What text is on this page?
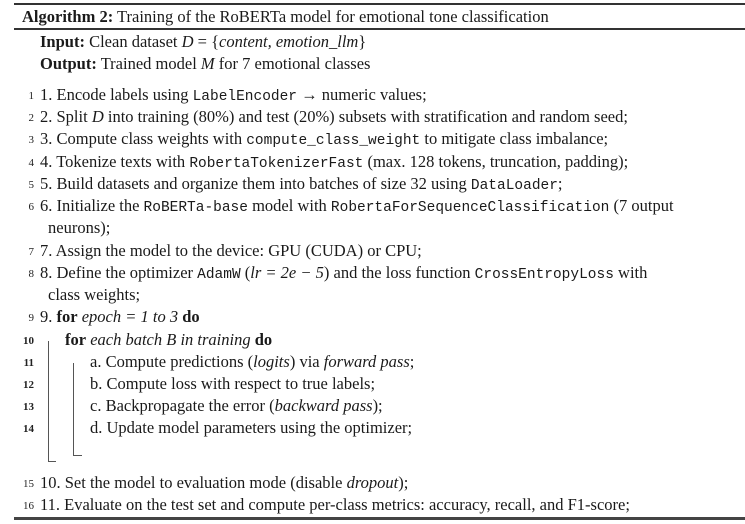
Algorithm 2: Training of the RoBERTa model for emotional tone classification
Input: Clean dataset D = {content, emotion_llm}
Output: Trained model M for 7 emotional classes
1 1. Encode labels using LabelEncoder → numeric values;
2 2. Split D into training (80%) and test (20%) subsets with stratification and random seed;
3 3. Compute class weights with compute_class_weight to mitigate class imbalance;
4 4. Tokenize texts with RobertaTokenizerFast (max. 128 tokens, truncation, padding);
5 5. Build datasets and organize them into batches of size 32 using DataLoader;
6 6. Initialize the RoBERTa-base model with RobertaForSequenceClassification (7 output
neurons);
7 7. Assign the model to the device: GPU (CUDA) or CPU;
8 8. Define the optimizer AdamW (lr = 2e − 5) and the loss function CrossEntropyLoss with
class weights;
9 9. for epoch = 1 to 3 do
10 for each batch B in training do
11	a. Compute predictions (logits) via forward pass;
12	b. Compute loss with respect to true labels;
13	c. Backpropagate the error (backward pass);
14	d. Update model parameters using the optimizer;
15 10. Set the model to evaluation mode (disable dropout);
16 11. Evaluate on the test set and compute per-class metrics: accuracy, recall, and F1-score;
